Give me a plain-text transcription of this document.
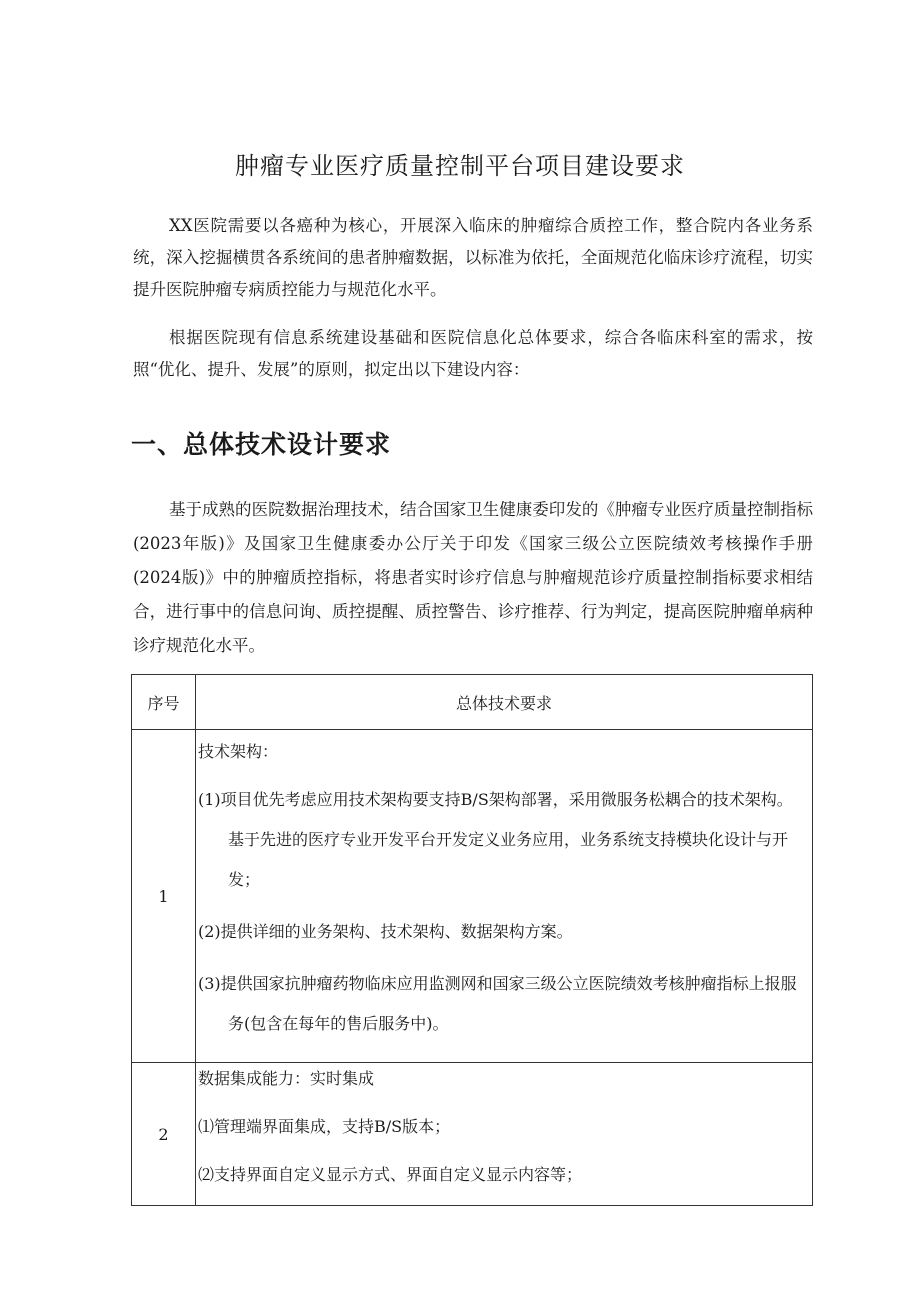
肿瘤专业医疗质量控制平台项目建设要求

XX医院需要以各癌种为核心，开展深入临床的肿瘤综合质控工作，整合院内各业务系统，深入挖掘横贯各系统间的患者肿瘤数据，以标准为依托，全面规范化临床诊疗流程，切实提升医院肿瘤专病质控能力与规范化水平。

根据医院现有信息系统建设基础和医院信息化总体要求，综合各临床科室的需求，按照“优化、提升、发展”的原则，拟定出以下建设内容：

一、总体技术设计要求

基于成熟的医院数据治理技术，结合国家卫生健康委印发的《肿瘤专业医疗质量控制指标(2023年版)》及国家卫生健康委办公厅关于印发《国家三级公立医院绩效考核操作手册(2024版)》中的肿瘤质控指标，将患者实时诊疗信息与肿瘤规范诊疗质量控制指标要求相结合，进行事中的信息问询、质控提醒、质控警告、诊疗推荐、行为判定，提高医院肿瘤单病种诊疗规范化水平。

序号	总体技术要求
1	技术架构：

(1)项目优先考虑应用技术架构要支持B/S架构部署，采用微服务松耦合的技术架构。基于先进的医疗专业开发平台开发定义业务应用，业务系统支持模块化设计与开发；

(2)提供详细的业务架构、技术架构、数据架构方案。

(3)提供国家抗肿瘤药物临床应用监测网和国家三级公立医院绩效考核肿瘤指标上报服务(包含在每年的售后服务中)。

2	数据集成能力：实时集成

⑴管理端界面集成，支持B/S版本；

⑵支持界面自定义显示方式、界面自定义显示内容等；
